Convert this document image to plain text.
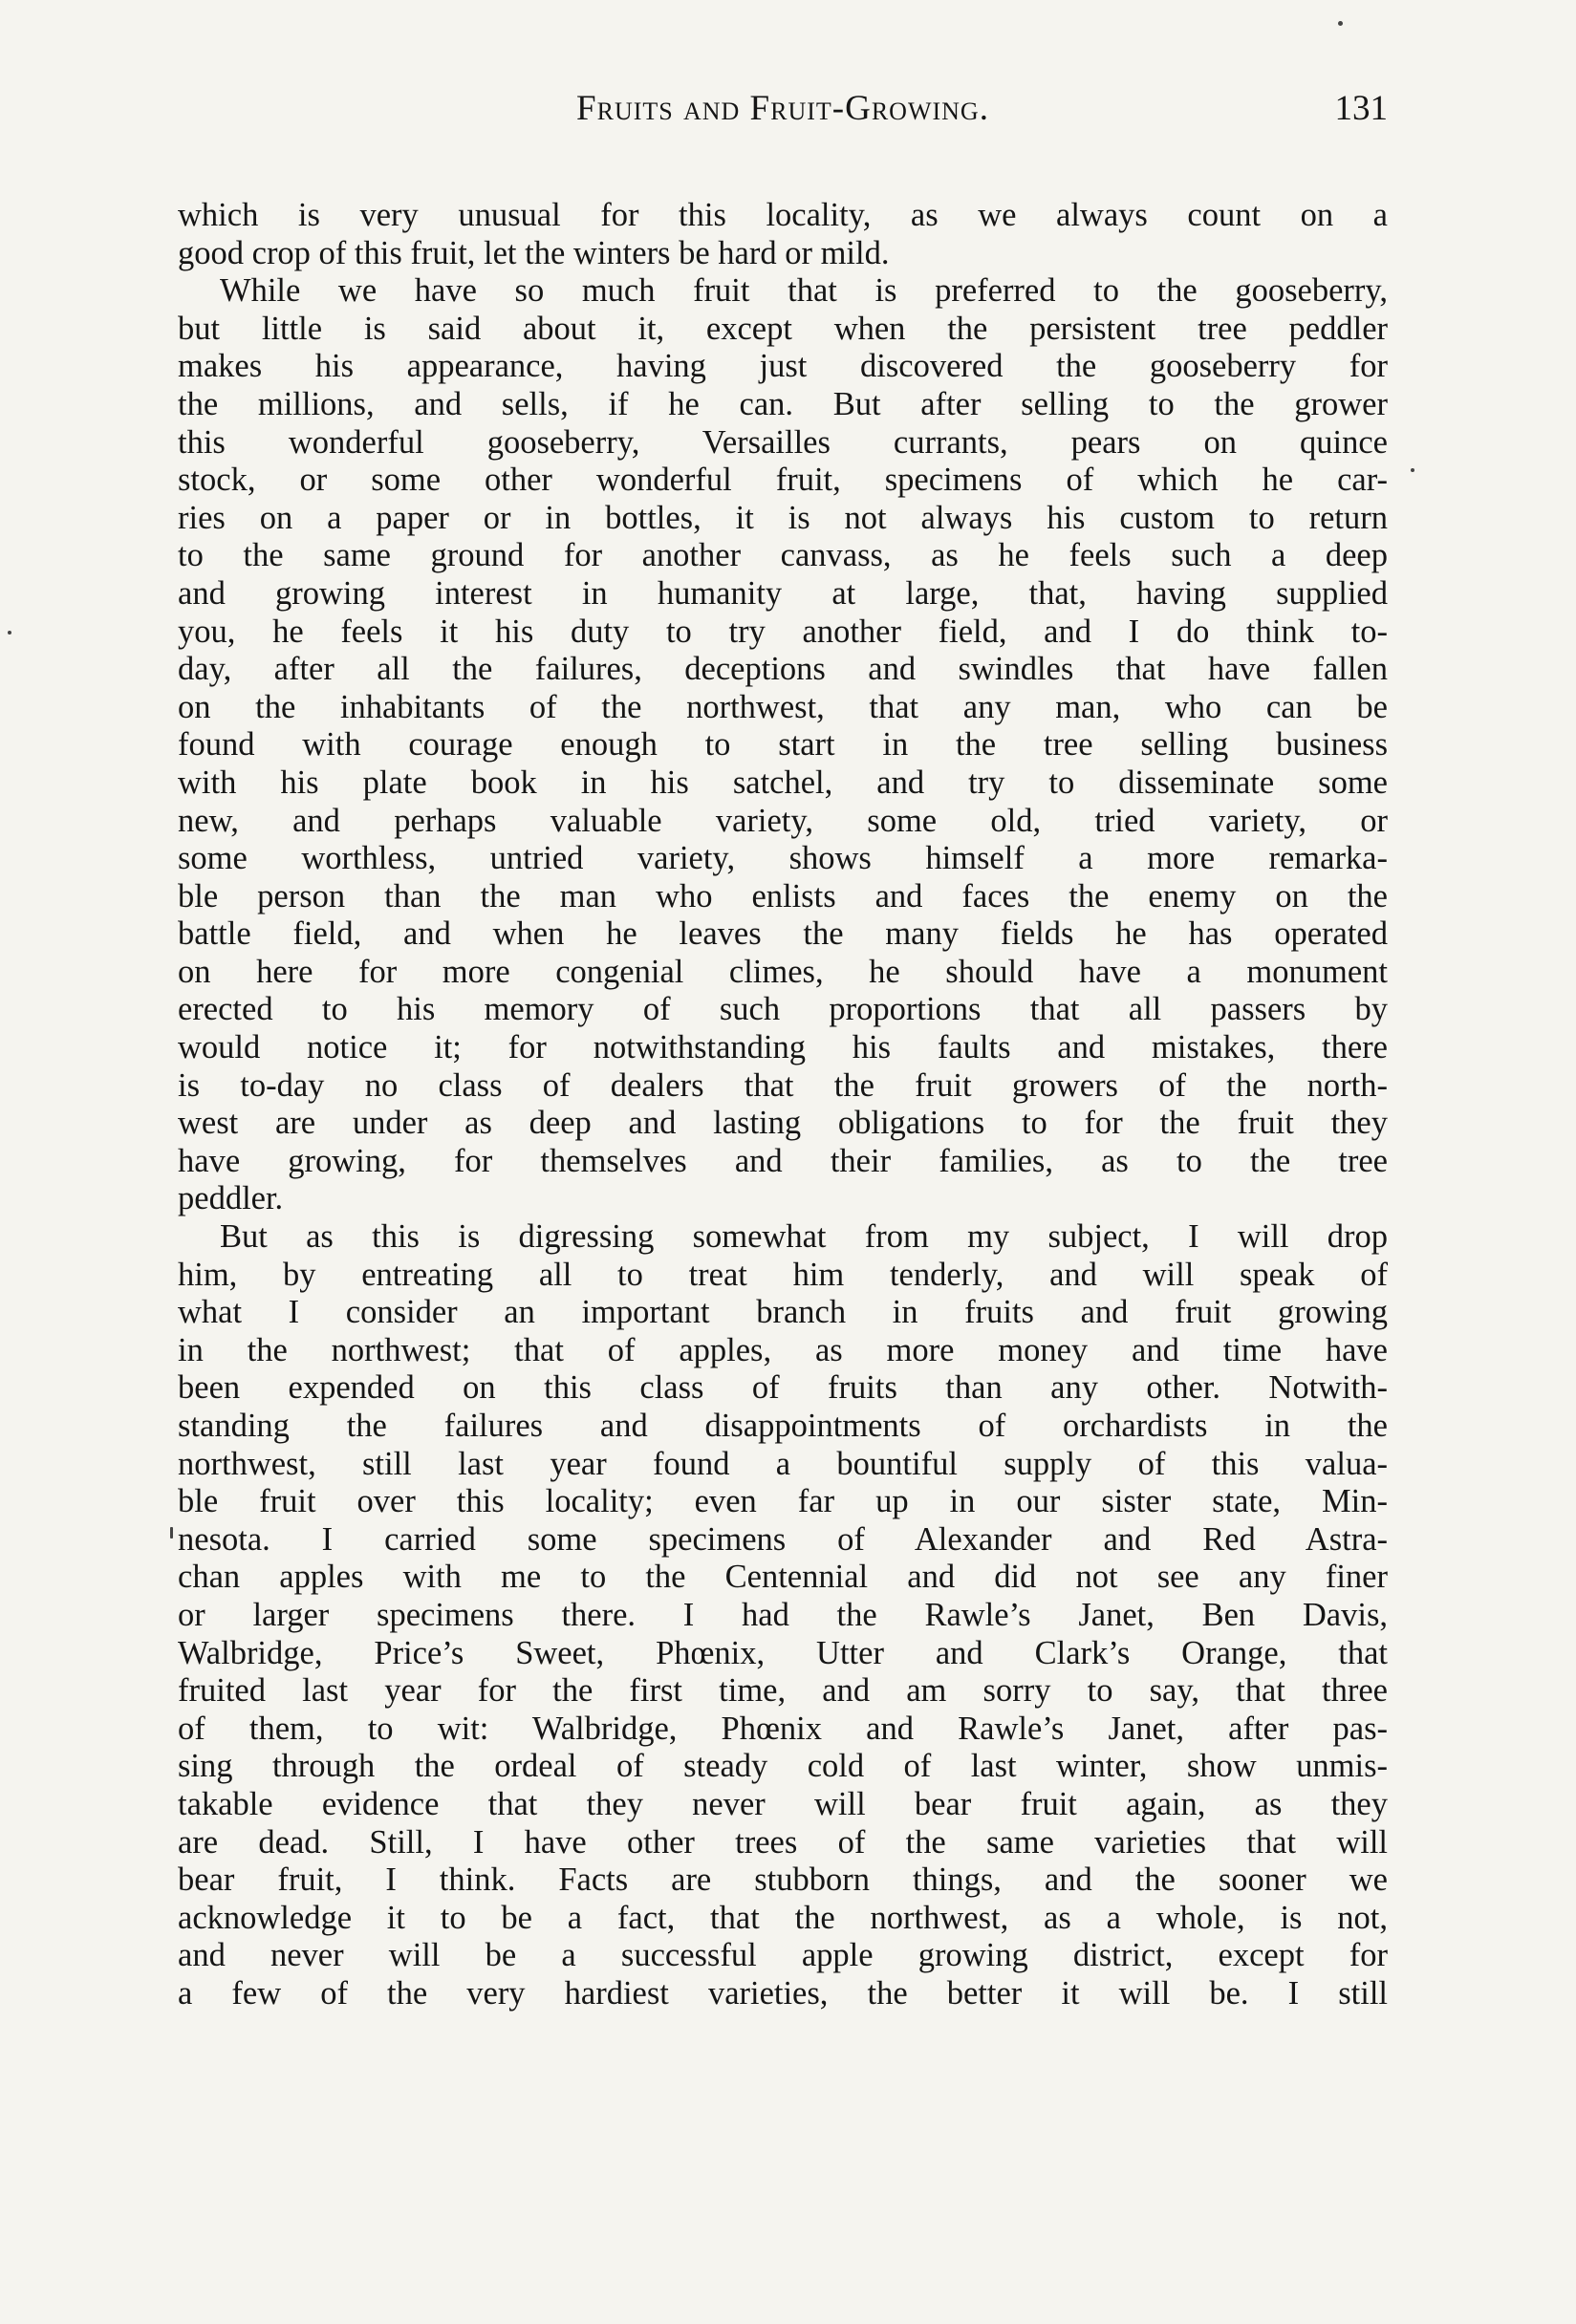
Fruits and Fruit-Growing.	131
which is very unusual for this locality, as we always count on a
good crop of this fruit, let the winters be hard or mild.
While we have so much fruit that is preferred to the gooseberry,
but little is said about it, except when the persistent tree peddler
makes his appearance, having just discovered the gooseberry for
the millions, and sells, if he can. But after selling to the grower
this wonderful gooseberry, Versailles currants, pears on quince
stock, or some other wonderful fruit, specimens of which he car-
ries on a paper or in bottles, it is not always his custom to return
to the same ground for another canvass, as he feels such a deep
and growing interest in humanity at large, that, having supplied
you, he feels it his duty to try another field, and I do think to-
day, after all the failures, deceptions and swindles that have fallen
on the inhabitants of the northwest, that any man, who can be
found with courage enough to start in the tree selling business
with his plate book in his satchel, and try to disseminate some
new, and perhaps valuable variety, some old, tried variety, or
some worthless, untried variety, shows himself a more remarka-
ble person than the man who enlists and faces the enemy on the
battle field, and when he leaves the many fields he has operated
on here for more congenial climes, he should have a monument
erected to his memory of such proportions that all passers by
would notice it; for notwithstanding his faults and mistakes, there
is to-day no class of dealers that the fruit growers of the north-
west are under as deep and lasting obligations to for the fruit they
have growing, for themselves and their families, as to the tree
peddler.
But as this is digressing somewhat from my subject, I will drop
him, by entreating all to treat him tenderly, and will speak of
what I consider an important branch in fruits and fruit growing
in the northwest; that of apples, as more money and time have
been expended on this class of fruits than any other. Notwith-
standing the failures and disappointments of orchardists in the
northwest, still last year found a bountiful supply of this valua-
ble fruit over this locality; even far up in our sister state, Min-
nesota. I carried some specimens of Alexander and Red Astra-
chan apples with me to the Centennial and did not see any finer
or larger specimens there. I had the Rawle’s Janet, Ben Davis,
Walbridge, Price’s Sweet, Phœnix, Utter and Clark’s Orange, that
fruited last year for the first time, and am sorry to say, that three
of them, to wit: Walbridge, Phœnix and Rawle’s Janet, after pas-
sing through the ordeal of steady cold of last winter, show unmis-
takable evidence that they never will bear fruit again, as they
are dead. Still, I have other trees of the same varieties that will
bear fruit, I think. Facts are stubborn things, and the sooner we
acknowledge it to be a fact, that the northwest, as a whole, is not,
and never will be a successful apple growing district, except for
a few of the very hardiest varieties, the better it will be. I still
